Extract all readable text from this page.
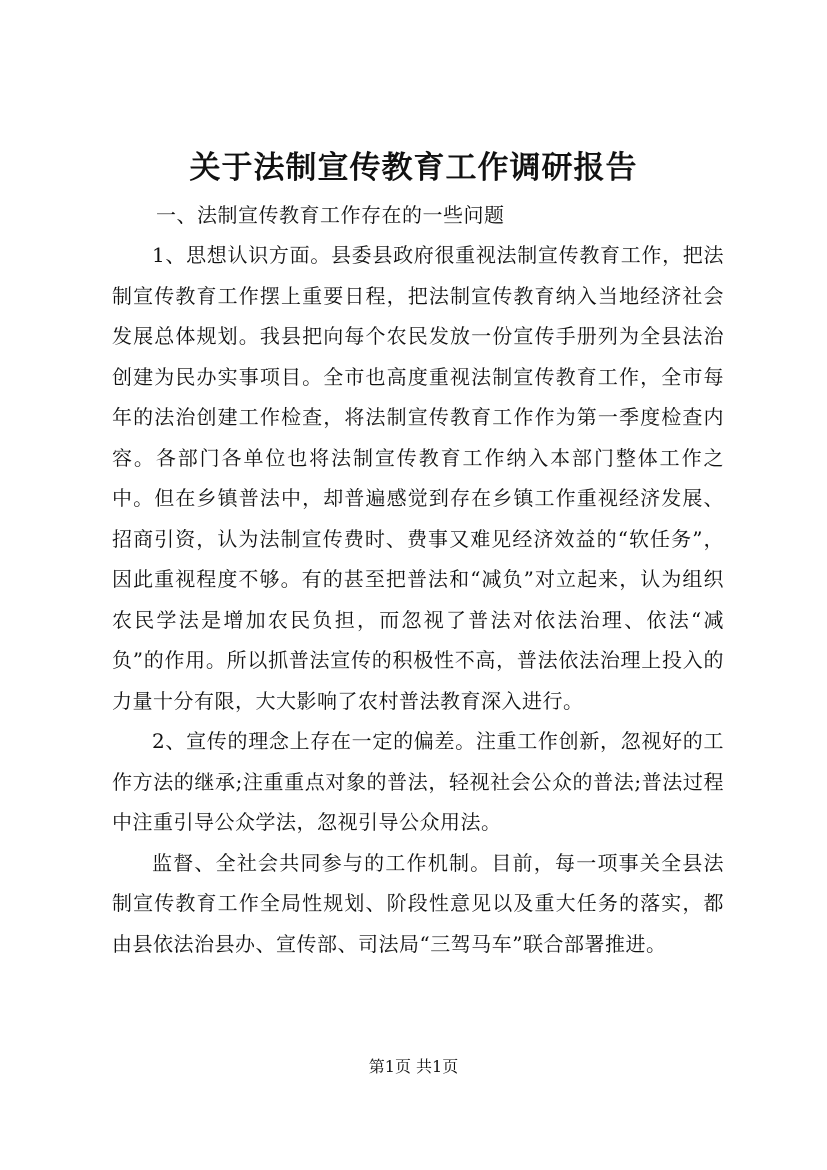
关于法制宣传教育工作调研报告

一、法制宣传教育工作存在的一些问题

1、思想认识方面。县委县政府很重视法制宣传教育工作，把法制宣传教育工作摆上重要日程，把法制宣传教育纳入当地经济社会发展总体规划。我县把向每个农民发放一份宣传手册列为全县法治创建为民办实事项目。全市也高度重视法制宣传教育工作，全市每年的法治创建工作检查，将法制宣传教育工作作为第一季度检查内容。各部门各单位也将法制宣传教育工作纳入本部门整体工作之中。但在乡镇普法中，却普遍感觉到存在乡镇工作重视经济发展、招商引资，认为法制宣传费时、费事又难见经济效益的“软任务”，因此重视程度不够。有的甚至把普法和“减负”对立起来，认为组织农民学法是增加农民负担，而忽视了普法对依法治理、依法“减负”的作用。所以抓普法宣传的积极性不高，普法依法治理上投入的力量十分有限，大大影响了农村普法教育深入进行。

2、宣传的理念上存在一定的偏差。注重工作创新，忽视好的工作方法的继承;注重重点对象的普法，轻视社会公众的普法;普法过程中注重引导公众学法，忽视引导公众用法。

监督、全社会共同参与的工作机制。目前，每一项事关全县法制宣传教育工作全局性规划、阶段性意见以及重大任务的落实，都由县依法治县办、宣传部、司法局“三驾马车”联合部署推进。

第1页 共1页
